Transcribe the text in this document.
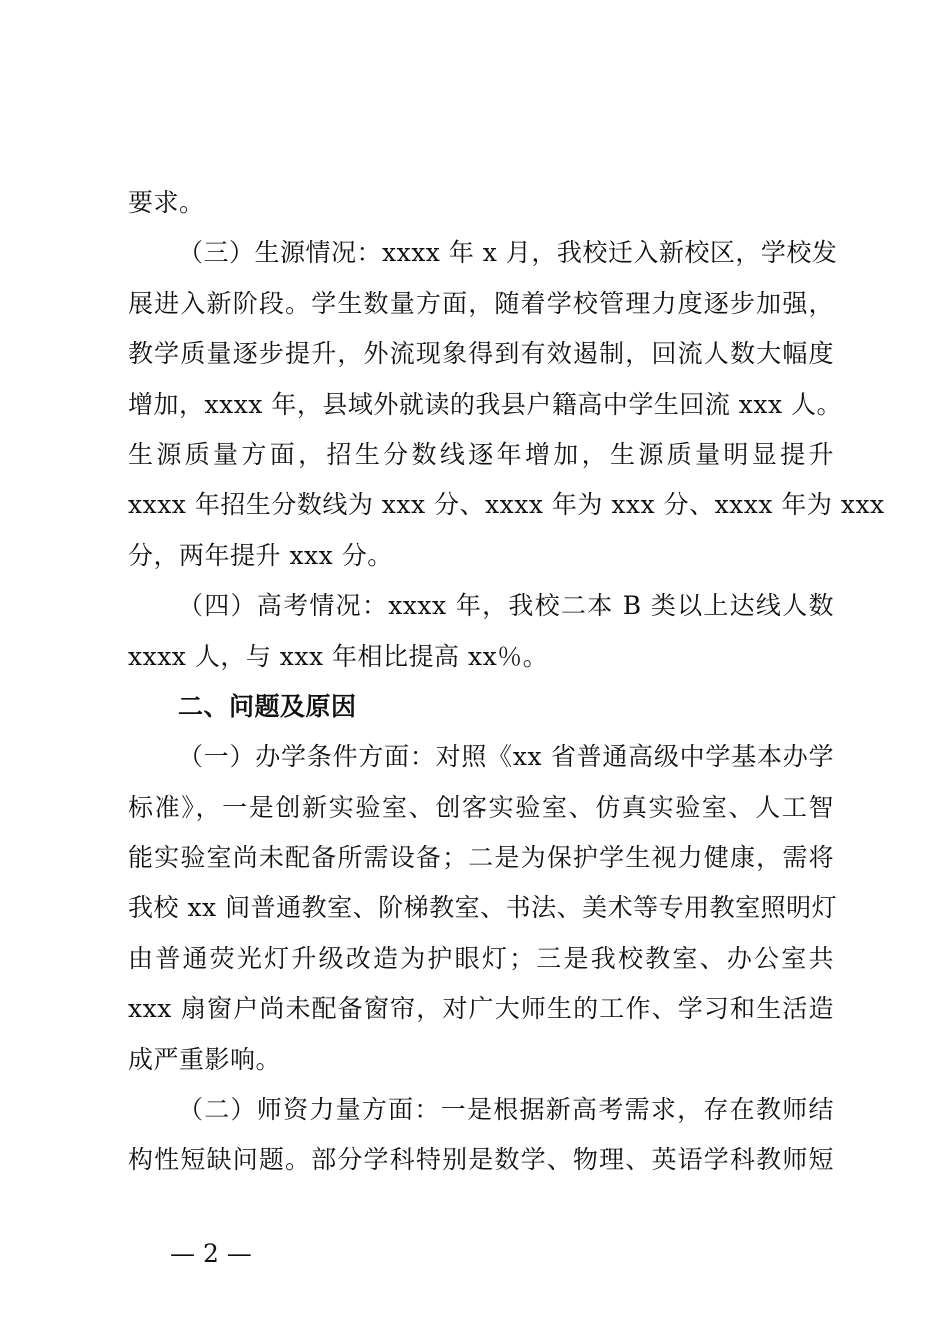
要求。
（三）生源情况：xxxx 年 x 月，我校迁入新校区，学校发
展进入新阶段。学生数量方面，随着学校管理力度逐步加强，
教学质量逐步提升，外流现象得到有效遏制，回流人数大幅度
增加，xxxx 年，县域外就读的我县户籍高中学生回流 xxx 人。
生源质量方面，招生分数线逐年增加，生源质量明显提升
xxxx 年招生分数线为 xxx 分、xxxx 年为 xxx 分、xxxx 年为 xxx
分，两年提升 xxx 分。
（四）高考情况：xxxx 年，我校二本 B 类以上达线人数
xxxx 人，与 xxx 年相比提高 xx％。
二、问题及原因
（一）办学条件方面：对照《xx 省普通高级中学基本办学
标准》，一是创新实验室、创客实验室、仿真实验室、人工智
能实验室尚未配备所需设备；二是为保护学生视力健康，需将
我校 xx 间普通教室、阶梯教室、书法、美术等专用教室照明灯
由普通荧光灯升级改造为护眼灯；三是我校教室、办公室共
xxx 扇窗户尚未配备窗帘，对广大师生的工作、学习和生活造
成严重影响。
（二）师资力量方面：一是根据新高考需求，存在教师结
构性短缺问题。部分学科特别是数学、物理、英语学科教师短
— 2 —
